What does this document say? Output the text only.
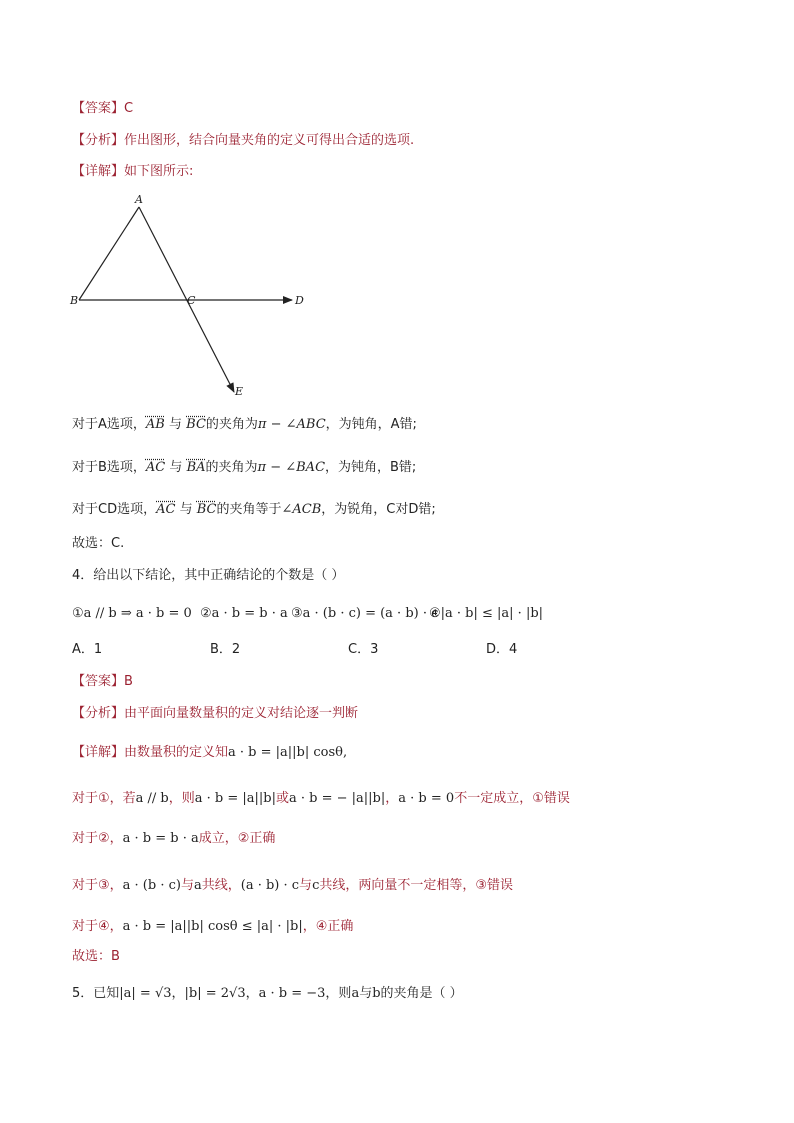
【答案】C
【分析】作出图形，结合向量夹角的定义可得出合适的选项.
【详解】如下图所示:
A
B	C	D
E
对于A选项，AB 与 BC的夹角为π − ∠ABC，为钝角，A错;
对于B选项，AC 与 BA的夹角为π − ∠BAC，为钝角，B错;
对于CD选项，AC 与 BC的夹角等于∠ACB，为锐角，C对D错;
故选：C.
4．给出以下结论，其中正确结论的个数是（ ）
①a // b ⇒ a · b = 0 ②a · b = b · a ③a · (b · c) = (a · b) · c
④|a · b| ≤ |a| · |b|
A．1	B．2	C．3	D．4
【答案】B
【分析】由平面向量数量积的定义对结论逐一判断
【详解】由数量积的定义知a · b = |a||b| cosθ,
对于①，若a // b，则a · b = |a||b|或a · b = − |a||b|，a · b = 0不一定成立，①错误
对于②，a · b = b · a成立，②正确
对于③，a · (b · c)与a共线，(a · b) · c与c共线，两向量不一定相等，③错误
对于④，a · b = |a||b| cosθ ≤ |a| · |b|，④正确
故选：B
5．已知|a| = √3，|b| = 2√3，a · b = −3，则a与b的夹角是（ ）
